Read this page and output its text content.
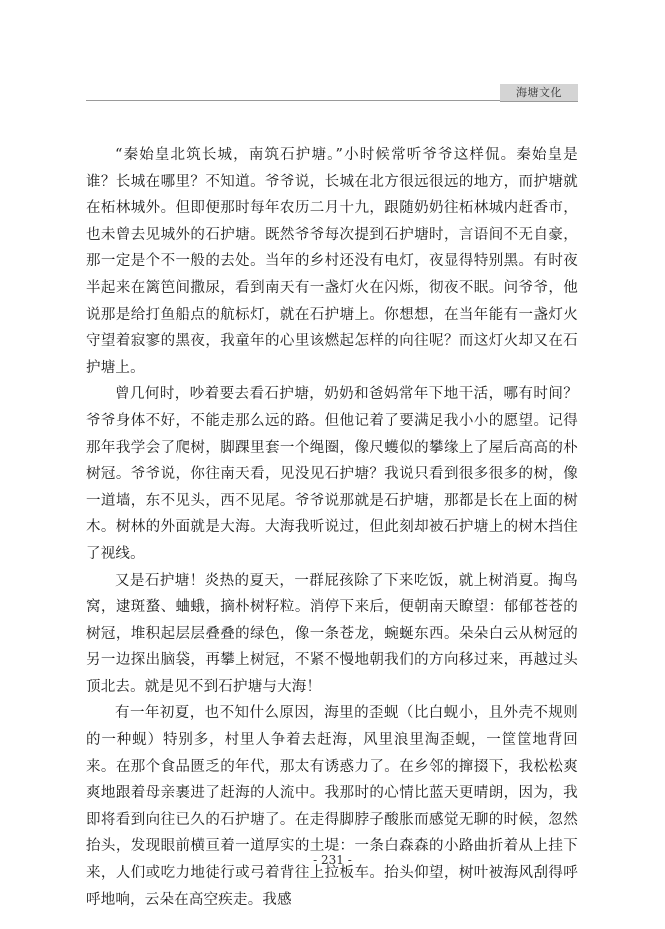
海塘文化

“秦始皇北筑长城，南筑石护塘。”小时候常听爷爷这样侃。秦始皇是谁？长城在哪里？不知道。爷爷说，长城在北方很远很远的地方，而护塘就在柘林城外。但即便那时每年农历二月十九，跟随奶奶往柘林城内赶香市，也未曾去见城外的石护塘。既然爷爷每次提到石护塘时，言语间不无自豪，那一定是个不一般的去处。当年的乡村还没有电灯，夜显得特别黑。有时夜半起来在篱笆间撒尿，看到南天有一盏灯火在闪烁，彻夜不眠。问爷爷，他说那是给打鱼船点的航标灯，就在石护塘上。你想想，在当年能有一盏灯火守望着寂寥的黑夜，我童年的心里该燃起怎样的向往呢？而这灯火却又在石护塘上。

曾几何时，吵着要去看石护塘，奶奶和爸妈常年下地干活，哪有时间？爷爷身体不好，不能走那么远的路。但他记着了要满足我小小的愿望。记得那年我学会了爬树，脚踝里套一个绳圈，像尺蠖似的攀缘上了屋后高高的朴树冠。爷爷说，你往南天看，见没见石护塘？我说只看到很多很多的树，像一道墙，东不见头，西不见尾。爷爷说那就是石护塘，那都是长在上面的树木。树林的外面就是大海。大海我听说过，但此刻却被石护塘上的树木挡住了视线。

又是石护塘！炎热的夏天，一群屁孩除了下来吃饭，就上树消夏。掏鸟窝，逮斑蝥、蛐蛾，摘朴树籽粒。消停下来后，便朝南天瞭望：郁郁苍苍的树冠，堆积起层层叠叠的绿色，像一条苍龙，蜿蜒东西。朵朵白云从树冠的另一边探出脑袋，再攀上树冠，不紧不慢地朝我们的方向移过来，再越过头顶北去。就是见不到石护塘与大海！

有一年初夏，也不知什么原因，海里的歪蚬（比白蚬小，且外壳不规则的一种蚬）特别多，村里人争着去赶海，风里浪里淘歪蚬，一筐筐地背回来。在那个食品匮乏的年代，那太有诱惑力了。在乡邻的撺掇下，我松松爽爽地跟着母亲裹进了赶海的人流中。我那时的心情比蓝天更晴朗，因为，我即将看到向往已久的石护塘了。在走得脚脖子酸胀而感觉无聊的时候，忽然抬头，发现眼前横亘着一道厚实的土堤：一条白森森的小路曲折着从上挂下来，人们或吃力地徒行或弓着背往上拉板车。抬头仰望，树叶被海风刮得呼呼地响，云朵在高空疾走。我感

- 231 -
